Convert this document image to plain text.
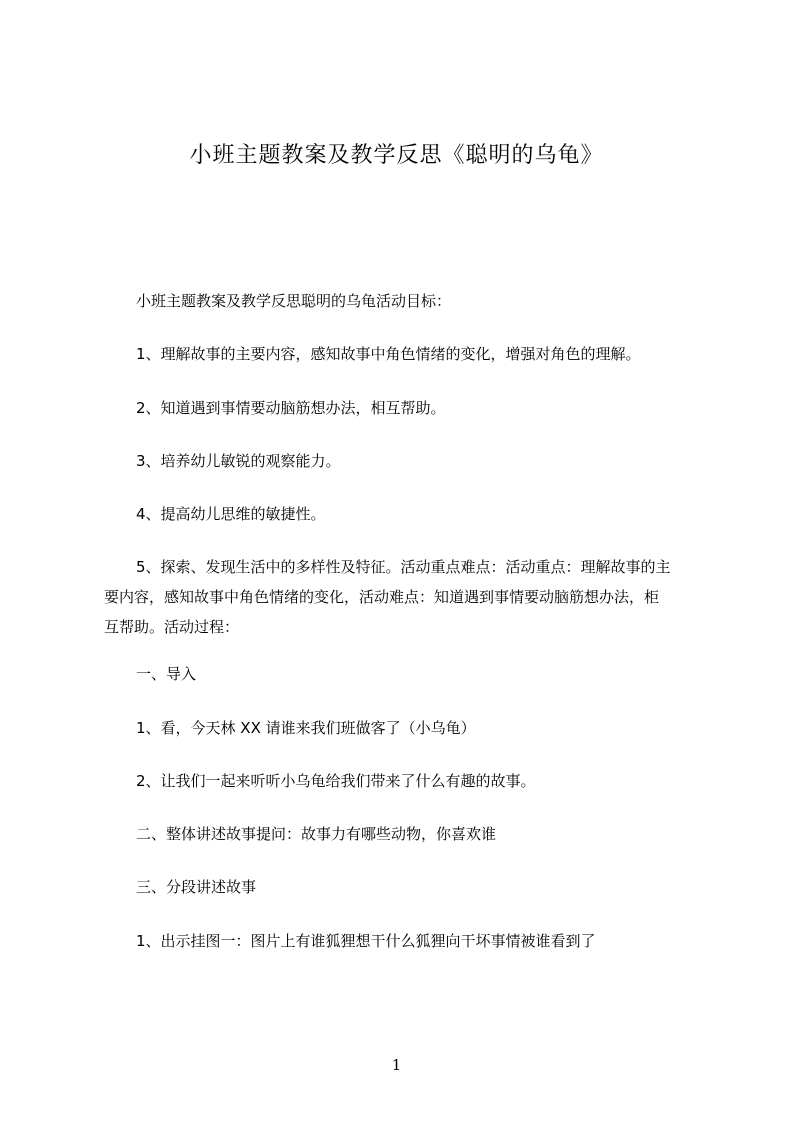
小班主题教案及教学反思《聪明的乌龟》

小班主题教案及教学反思聪明的乌龟活动目标：

1、理解故事的主要内容，感知故事中角色情绪的变化，增强对角色的理解。

2、知道遇到事情要动脑筋想办法，相互帮助。

3、培养幼儿敏锐的观察能力。

4、提高幼儿思维的敏捷性。

5、探索、发现生活中的多样性及特征。活动重点难点：活动重点：理解故事的主
要内容，感知故事中角色情绪的变化，活动难点：知道遇到事情要动脑筋想办法，柜
互帮助。活动过程：

一、导入

1、看，今天林 XX 请谁来我们班做客了（小乌龟）

2、让我们一起来听听小乌龟给我们带来了什么有趣的故事。

二、整体讲述故事提问：故事力有哪些动物，你喜欢谁

三、分段讲述故事

1、出示挂图一：图片上有谁狐狸想干什么狐狸向干坏事情被谁看到了

1
